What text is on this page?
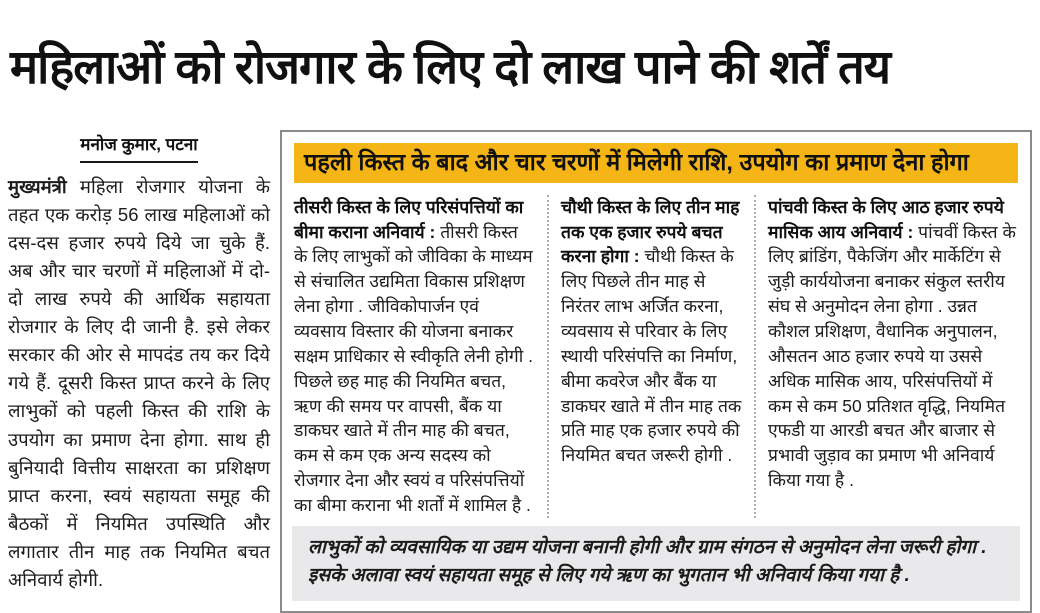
महिलाओं को रोजगार के लिए दो लाख पाने की शर्तें तय
मनोज कुमार, पटना

मुख्यमंत्री महिला रोजगार योजना के तहत एक करोड़ 56 लाख महिलाओं को दस-दस हजार रुपये दिये जा चुके हैं. अब और चार चरणों में महिलाओं में दो-दो लाख रुपये की आर्थिक सहायता रोजगार के लिए दी जानी है. इसे लेकर सरकार की ओर से मापदंड तय कर दिये गये हैं. दूसरी किस्त प्राप्त करने के लिए लाभुकों को पहली किस्त की राशि के उपयोग का प्रमाण देना होगा. साथ ही बुनियादी वित्तीय साक्षरता का प्रशिक्षण प्राप्त करना, स्वयं सहायता समूह की बैठकों में नियमित उपस्थिति और लगातार तीन माह तक नियमित बचत अनिवार्य होगी.

पहली किस्त के बाद और चार चरणों में मिलेगी राशि, उपयोग का प्रमाण देना होगा

तीसरी किस्त के लिए परिसंपत्तियों का बीमा कराना अनिवार्य : तीसरी किस्त के लिए लाभुकों को जीविका के माध्यम से संचालित उद्यमिता विकास प्रशिक्षण लेना होगा . जीविकोपार्जन एवं व्यवसाय विस्तार की योजना बनाकर सक्षम प्राधिकार से स्वीकृति लेनी होगी . पिछले छह माह की नियमित बचत, ऋण की समय पर वापसी, बैंक या डाकघर खाते में तीन माह की बचत, कम से कम एक अन्य सदस्य को रोजगार देना और स्वयं व परिसंपत्तियों का बीमा कराना भी शर्तों में शामिल है .

चौथी किस्त के लिए तीन माह तक एक हजार रुपये बचत करना होगा : चौथी किस्त के लिए पिछले तीन माह से निरंतर लाभ अर्जित करना, व्यवसाय से परिवार के लिए स्थायी परिसंपत्ति का निर्माण, बीमा कवरेज और बैंक या डाकघर खाते में तीन माह तक प्रति माह एक हजार रुपये की नियमित बचत जरूरी होगी .

पांचवी किस्त के लिए आठ हजार रुपये मासिक आय अनिवार्य : पांचवीं किस्त के लिए ब्रांडिंग, पैकेजिंग और मार्केटिंग से जुड़ी कार्ययोजना बनाकर संकुल स्तरीय संघ से अनुमोदन लेना होगा . उन्नत कौशल प्रशिक्षण, वैधानिक अनुपालन, औसतन आठ हजार रुपये या उससे अधिक मासिक आय, परिसंपत्तियों में कम से कम 50 प्रतिशत वृद्धि, नियमित एफडी या आरडी बचत और बाजार से प्रभावी जुड़ाव का प्रमाण भी अनिवार्य किया गया है .

लाभुकों को व्यवसायिक या उद्यम योजना बनानी होगी और ग्राम संगठन से अनुमोदन लेना जरूरी होगा . इसके अलावा स्वयं सहायता समूह से लिए गये ऋण का भुगतान भी अनिवार्य किया गया है .
